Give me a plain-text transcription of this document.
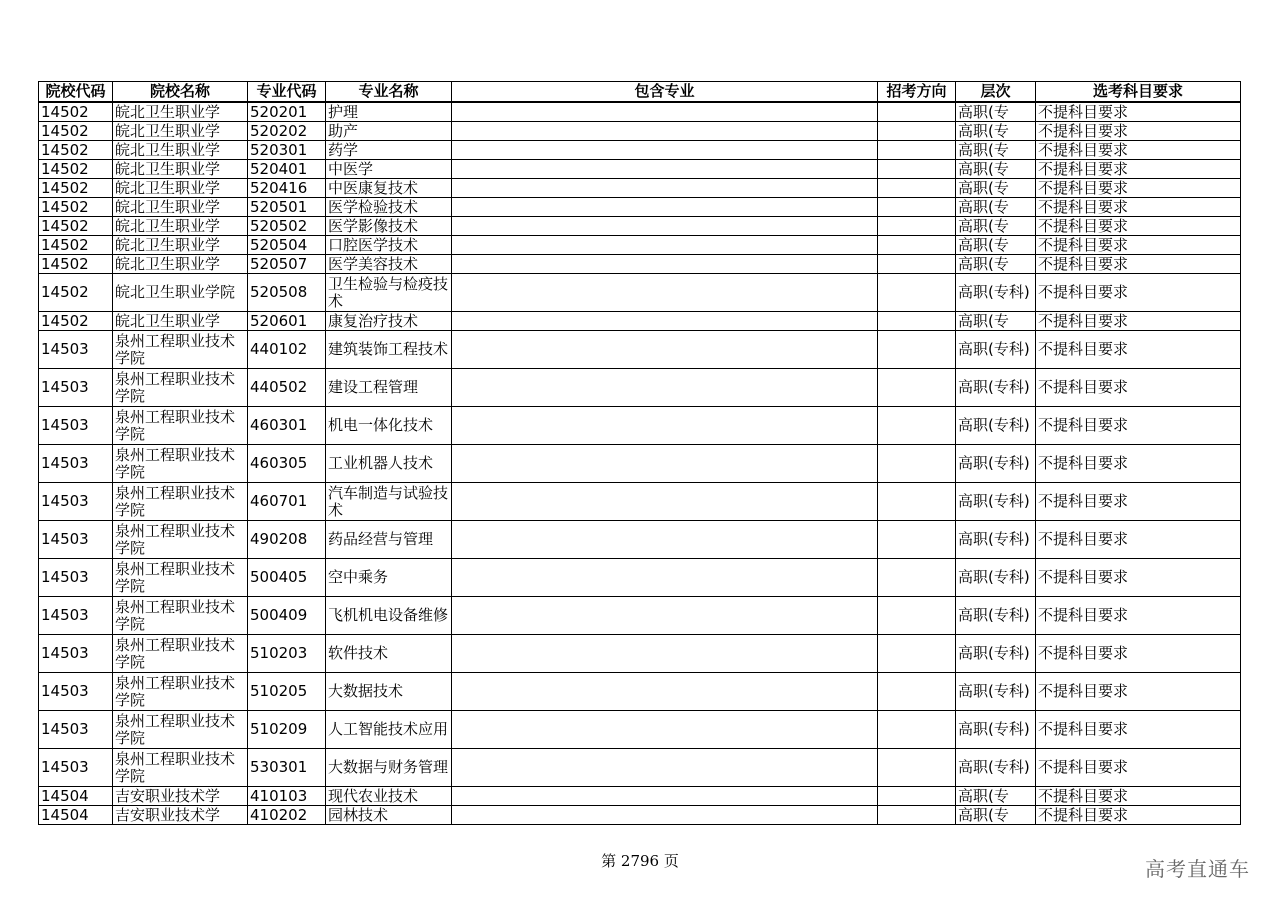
院校代码	院校名称	专业代码	专业名称	包含专业	招考方向	层次	选考科目要求
14502	皖北卫生职业学	520201	护理			高职(专	不提科目要求
14502	皖北卫生职业学	520202	助产			高职(专	不提科目要求
14502	皖北卫生职业学	520301	药学			高职(专	不提科目要求
14502	皖北卫生职业学	520401	中医学			高职(专	不提科目要求
14502	皖北卫生职业学	520416	中医康复技术			高职(专	不提科目要求
14502	皖北卫生职业学	520501	医学检验技术			高职(专	不提科目要求
14502	皖北卫生职业学	520502	医学影像技术			高职(专	不提科目要求
14502	皖北卫生职业学	520504	口腔医学技术			高职(专	不提科目要求
14502	皖北卫生职业学	520507	医学美容技术			高职(专	不提科目要求
14502	皖北卫生职业学院	520508	卫生检验与检疫技术			高职(专科)	不提科目要求
14502	皖北卫生职业学	520601	康复治疗技术			高职(专	不提科目要求
14503	泉州工程职业技术学院	440102	建筑装饰工程技术			高职(专科)	不提科目要求
14503	泉州工程职业技术学院	440502	建设工程管理			高职(专科)	不提科目要求
14503	泉州工程职业技术学院	460301	机电一体化技术			高职(专科)	不提科目要求
14503	泉州工程职业技术学院	460305	工业机器人技术			高职(专科)	不提科目要求
14503	泉州工程职业技术学院	460701	汽车制造与试验技术			高职(专科)	不提科目要求
14503	泉州工程职业技术学院	490208	药品经营与管理			高职(专科)	不提科目要求
14503	泉州工程职业技术学院	500405	空中乘务			高职(专科)	不提科目要求
14503	泉州工程职业技术学院	500409	飞机机电设备维修			高职(专科)	不提科目要求
14503	泉州工程职业技术学院	510203	软件技术			高职(专科)	不提科目要求
14503	泉州工程职业技术学院	510205	大数据技术			高职(专科)	不提科目要求
14503	泉州工程职业技术学院	510209	人工智能技术应用			高职(专科)	不提科目要求
14503	泉州工程职业技术学院	530301	大数据与财务管理			高职(专科)	不提科目要求
14504	吉安职业技术学	410103	现代农业技术			高职(专	不提科目要求
14504	吉安职业技术学	410202	园林技术			高职(专	不提科目要求
第 2796 页	高考直通车
